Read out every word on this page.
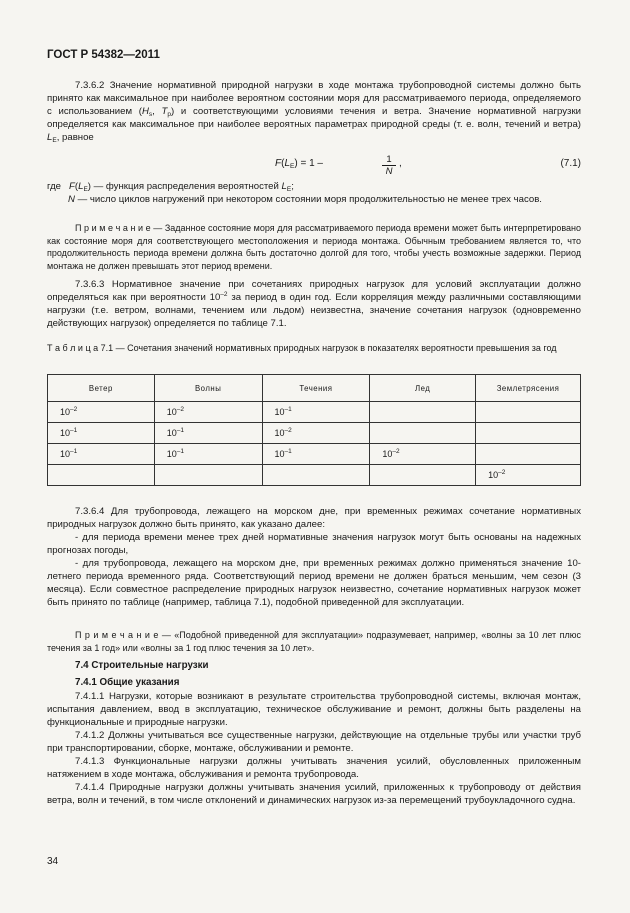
ГОСТ Р 54382—2011
7.3.6.2 Значение нормативной природной нагрузки в ходе монтажа трубопроводной системы должно быть принято как максимальное при наиболее вероятном состоянии моря для рассматриваемого периода, определяемого с использованием ($H_s$, $T_p$) и соответствующими условиями течения и ветра. Значение нормативной нагрузки определяется как максимальное при наиболее вероятных параметрах природной среды (т. е. волн, течений и ветра) $L_E$, равное
$F(L_E) = 1$ –	$\frac{1}{N}$ ,	(7.1)
где $F(L_E)$ — функция распределения вероятностей $L_E$;
N — число циклов нагружений при некотором состоянии моря продолжительностью не менее трех часов.
П р и м е ч а н и е — Заданное состояние моря для рассматриваемого периода времени может быть интерпретировано как состояние моря для соответствующего местоположения и периода монтажа. Обычным требованием является то, что продолжительность периода времени должна быть достаточно долгой для того, чтобы учесть возможные задержки. Период монтажа не должен превышать этот период времени.
7.3.6.3 Нормативное значение при сочетаниях природных нагрузок для условий эксплуатации должно определяться как при вероятности $10^{-2}$ за период в один год. Если корреляция между различными составляющими нагрузки (т.е. ветром, волнами, течением или льдом) неизвестна, значение сочетания нагрузок (одновременно действующих нагрузок) определяется по таблице 7.1.
Т а б л и ц а 7.1 — Сочетания значений нормативных природных нагрузок в показателях вероятности превышения за год
Ветер	Волны	Течения	Лед	Землетрясения
$10^{-2}$	$10^{-2}$	$10^{-1}$		
$10^{-1}$	$10^{-1}$	$10^{-2}$		
$10^{-1}$	$10^{-1}$	$10^{-1}$	$10^{-2}$	
				$10^{-2}$
7.3.6.4 Для трубопровода, лежащего на морском дне, при временных режимах сочетание нормативных природных нагрузок должно быть принято, как указано далее:
- для периода времени менее трех дней нормативные значения нагрузок могут быть основаны на надежных прогнозах погоды,
- для трубопровода, лежащего на морском дне, при временных режимах должно применяться значение 10-летнего периода временного ряда. Соответствующий период времени не должен браться меньшим, чем сезон (3 месяца). Если совместное распределение природных нагрузок неизвестно, сочетание нормативных нагрузок может быть принято по таблице (например, таблица 7.1), подобной приведенной для эксплуатации.
П р и м е ч а н и е — «Подобной приведенной для эксплуатации» подразумевает, например, «волны за 10 лет плюс течения за 1 год» или «волны за 1 год плюс течения за 10 лет».
7.4 Строительные нагрузки
7.4.1 Общие указания
7.4.1.1 Нагрузки, которые возникают в результате строительства трубопроводной системы, включая монтаж, испытания давлением, ввод в эксплуатацию, техническое обслуживание и ремонт, должны быть разделены на функциональные и природные нагрузки.
7.4.1.2 Должны учитываться все существенные нагрузки, действующие на отдельные трубы или участки труб при транспортировании, сборке, монтаже, обслуживании и ремонте.
7.4.1.3 Функциональные нагрузки должны учитывать значения усилий, обусловленных приложенным натяжением в ходе монтажа, обслуживания и ремонта трубопровода.
7.4.1.4 Природные нагрузки должны учитывать значения усилий, приложенных к трубопроводу от действия ветра, волн и течений, в том числе отклонений и динамических нагрузок из-за перемещений трубоукладочного судна.
34
